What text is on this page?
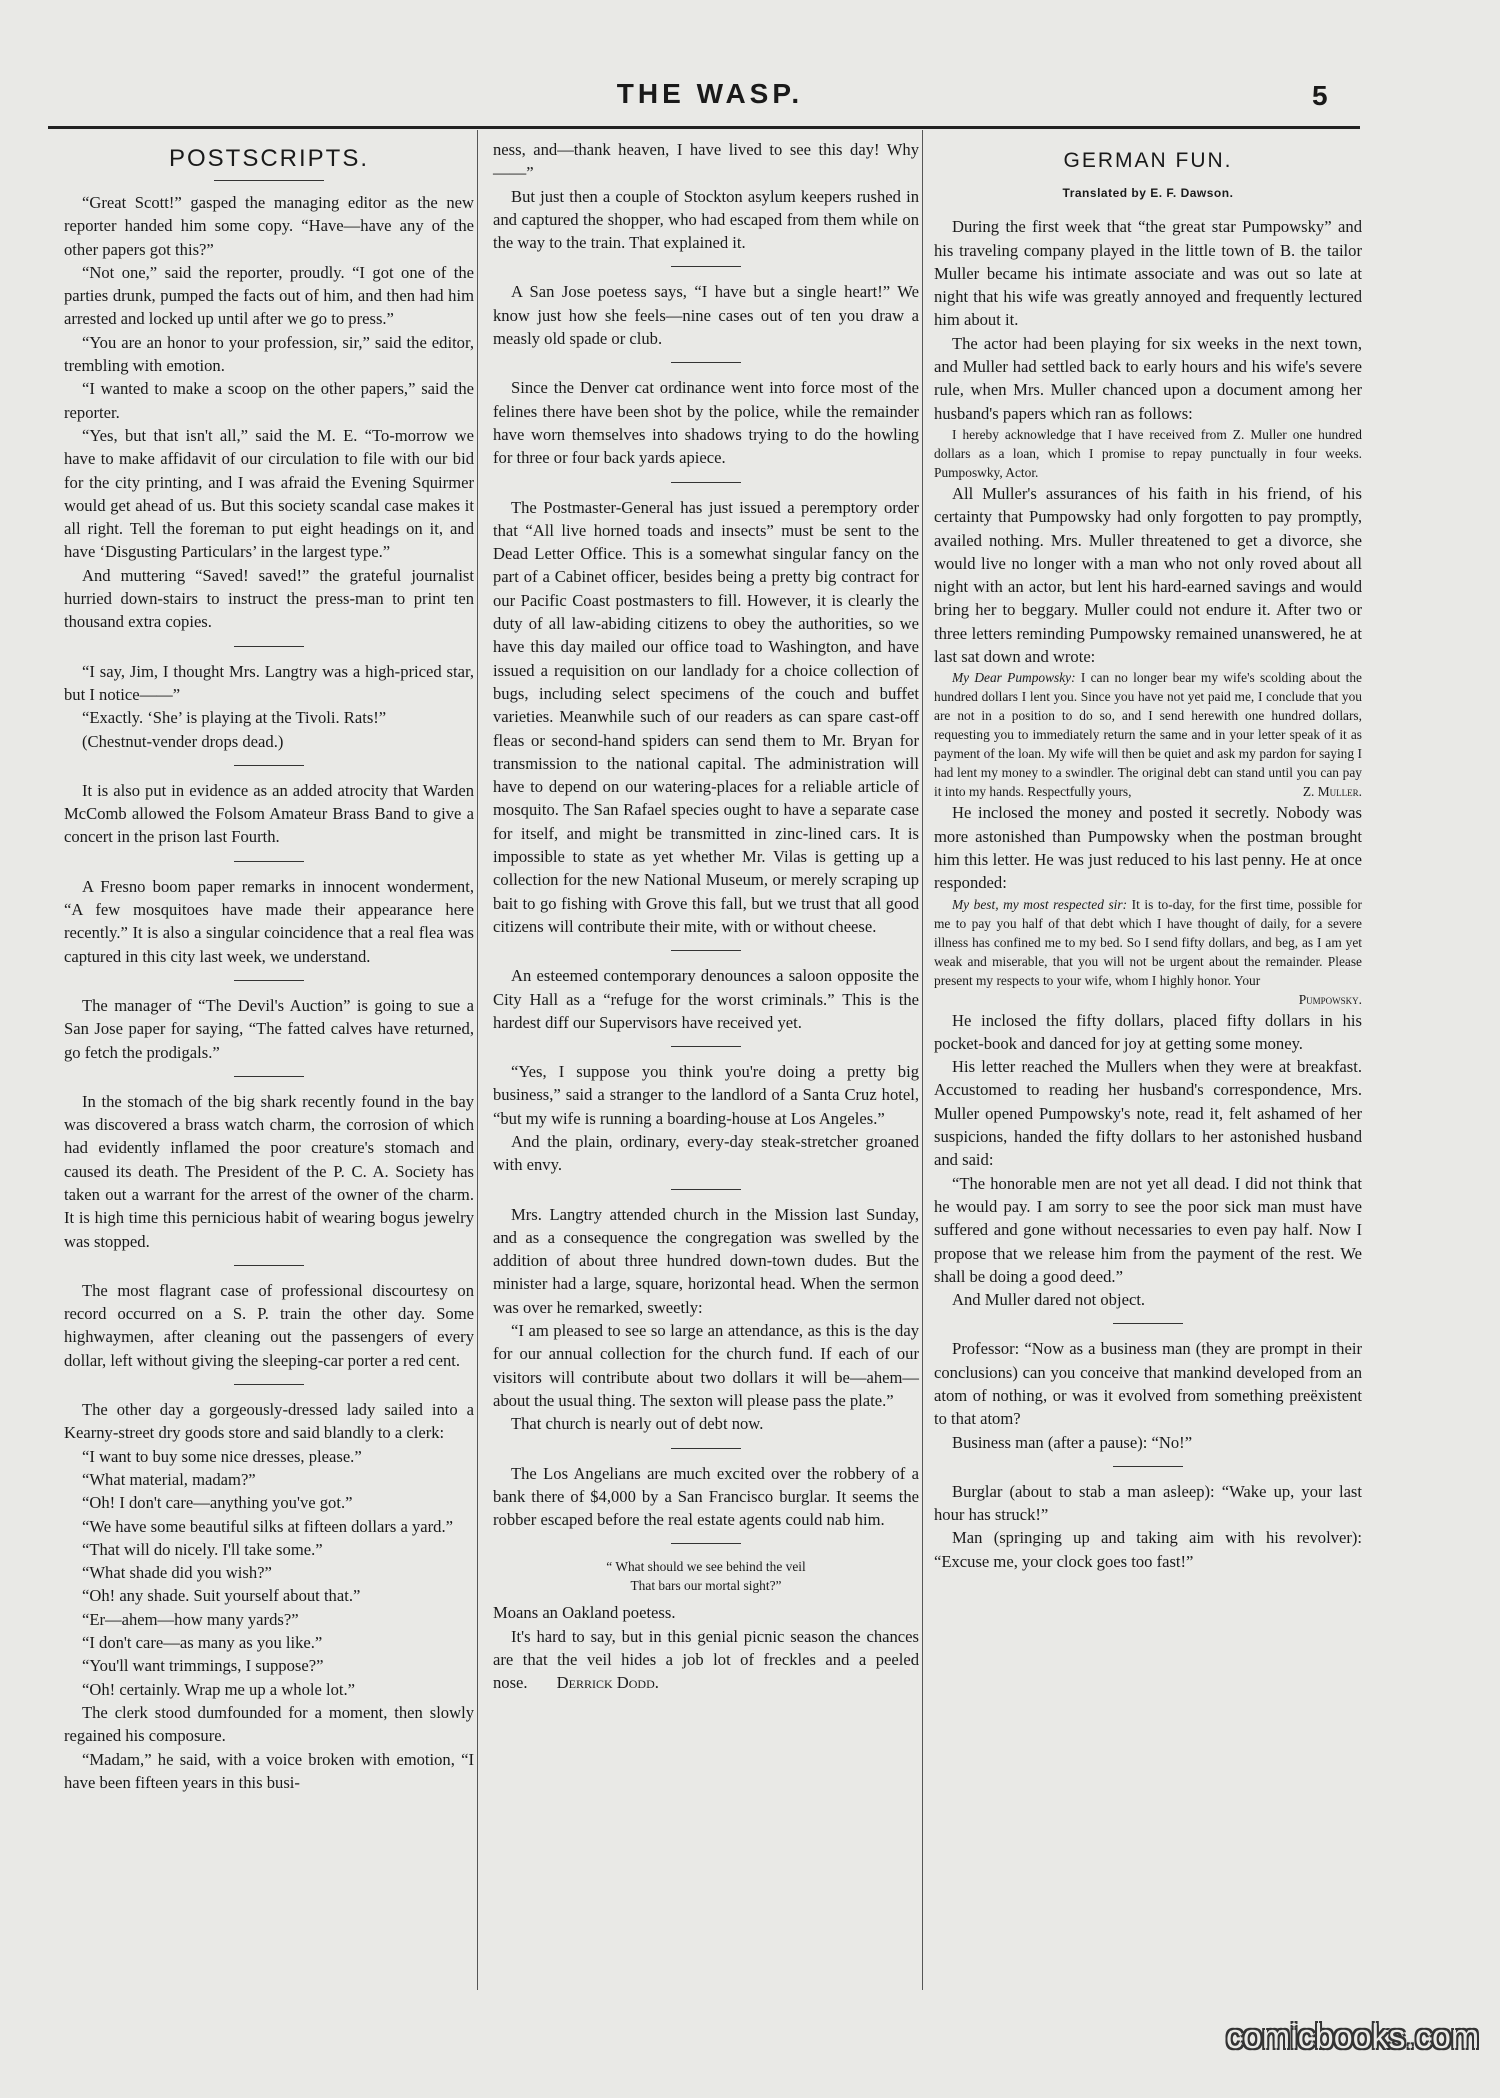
THE WASP.	5
POSTSCRIPTS.

“Great Scott!” gasped the managing editor as the new reporter handed him some copy. “Have—have any of the other papers got this?”

“Not one,” said the reporter, proudly. “I got one of the parties drunk, pumped the facts out of him, and then had him arrested and locked up until after we go to press.”

“You are an honor to your profession, sir,” said the editor, trembling with emotion.

“I wanted to make a scoop on the other papers,” said the reporter.

“Yes, but that isn't all,” said the M. E. “To-morrow we have to make affidavit of our circulation to file with our bid for the city printing, and I was afraid the Evening Squirmer would get ahead of us. But this society scandal case makes it all right. Tell the foreman to put eight headings on it, and have ‘Disgusting Particulars’ in the largest type.”

And muttering “Saved! saved!” the grateful journalist hurried down-stairs to instruct the press-man to print ten thousand extra copies.

“I say, Jim, I thought Mrs. Langtry was a high-priced star, but I notice——”

“Exactly. ‘She’ is playing at the Tivoli. Rats!”

(Chestnut-vender drops dead.)

It is also put in evidence as an added atrocity that Warden McComb allowed the Folsom Amateur Brass Band to give a concert in the prison last Fourth.

A Fresno boom paper remarks in innocent wonderment, “A few mosquitoes have made their appearance here recently.” It is also a singular coincidence that a real flea was captured in this city last week, we understand.

The manager of “The Devil's Auction” is going to sue a San Jose paper for saying, “The fatted calves have returned, go fetch the prodigals.”

In the stomach of the big shark recently found in the bay was discovered a brass watch charm, the corrosion of which had evidently inflamed the poor creature's stomach and caused its death. The President of the P. C. A. Society has taken out a warrant for the arrest of the owner of the charm. It is high time this pernicious habit of wearing bogus jewelry was stopped.

The most flagrant case of professional discourtesy on record occurred on a S. P. train the other day. Some highwaymen, after cleaning out the passengers of every dollar, left without giving the sleeping-car porter a red cent.

The other day a gorgeously-dressed lady sailed into a Kearny-street dry goods store and said blandly to a clerk:

“I want to buy some nice dresses, please.”

“What material, madam?”

“Oh! I don't care—anything you've got.”

“We have some beautiful silks at fifteen dollars a yard.”

“That will do nicely. I'll take some.”

“What shade did you wish?”

“Oh! any shade. Suit yourself about that.”

“Er—ahem—how many yards?”

“I don't care—as many as you like.”

“You'll want trimmings, I suppose?”

“Oh! certainly. Wrap me up a whole lot.”

The clerk stood dumfounded for a moment, then slowly regained his composure.

“Madam,” he said, with a voice broken with emotion, “I have been fifteen years in this busi-

ness, and—thank heaven, I have lived to see this day! Why——”

But just then a couple of Stockton asylum keepers rushed in and captured the shopper, who had escaped from them while on the way to the train. That explained it.

A San Jose poetess says, “I have but a single heart!” We know just how she feels—nine cases out of ten you draw a measly old spade or club.

Since the Denver cat ordinance went into force most of the felines there have been shot by the police, while the remainder have worn themselves into shadows trying to do the howling for three or four back yards apiece.

The Postmaster-General has just issued a peremptory order that “All live horned toads and insects” must be sent to the Dead Letter Office. This is a somewhat singular fancy on the part of a Cabinet officer, besides being a pretty big contract for our Pacific Coast postmasters to fill. However, it is clearly the duty of all law-abiding citizens to obey the authorities, so we have this day mailed our office toad to Washington, and have issued a requisition on our landlady for a choice collection of bugs, including select specimens of the couch and buffet varieties. Meanwhile such of our readers as can spare cast-off fleas or second-hand spiders can send them to Mr. Bryan for transmission to the national capital. The administration will have to depend on our watering-places for a reliable article of mosquito. The San Rafael species ought to have a separate case for itself, and might be transmitted in zinc-lined cars. It is impossible to state as yet whether Mr. Vilas is getting up a collection for the new National Museum, or merely scraping up bait to go fishing with Grove this fall, but we trust that all good citizens will contribute their mite, with or without cheese.

An esteemed contemporary denounces a saloon opposite the City Hall as a “refuge for the worst criminals.” This is the hardest diff our Supervisors have received yet.

“Yes, I suppose you think you're doing a pretty big business,” said a stranger to the landlord of a Santa Cruz hotel, “but my wife is running a boarding-house at Los Angeles.”

And the plain, ordinary, every-day steak-stretcher groaned with envy.

Mrs. Langtry attended church in the Mission last Sunday, and as a consequence the congregation was swelled by the addition of about three hundred down-town dudes. But the minister had a large, square, horizontal head. When the sermon was over he remarked, sweetly:

“I am pleased to see so large an attendance, as this is the day for our annual collection for the church fund. If each of our visitors will contribute about two dollars it will be—ahem—about the usual thing. The sexton will please pass the plate.”

That church is nearly out of debt now.

The Los Angelians are much excited over the robbery of a bank there of $4,000 by a San Francisco burglar. It seems the robber escaped before the real estate agents could nab him.

“ What should we see behind the veil
That bars our mortal sight?”

Moans an Oakland poetess.

It's hard to say, but in this genial picnic season the chances are that the veil hides a job lot of freckles and a peeled nose. Derrick Dodd.

GERMAN FUN.
Translated by E. F. Dawson.

During the first week that “the great star Pumpowsky” and his traveling company played in the little town of B. the tailor Muller became his intimate associate and was out so late at night that his wife was greatly annoyed and frequently lectured him about it.

The actor had been playing for six weeks in the next town, and Muller had settled back to early hours and his wife's severe rule, when Mrs. Muller chanced upon a document among her husband's papers which ran as follows:

I hereby acknowledge that I have received from Z. Muller one hundred dollars as a loan, which I promise to repay punctually in four weeks. Pumposwky, Actor.

All Muller's assurances of his faith in his friend, of his certainty that Pumpowsky had only forgotten to pay promptly, availed nothing. Mrs. Muller threatened to get a divorce, she would live no longer with a man who not only roved about all night with an actor, but lent his hard-earned savings and would bring her to beggary. Muller could not endure it. After two or three letters reminding Pumpowsky remained unanswered, he at last sat down and wrote:

My Dear Pumpowsky: I can no longer bear my wife's scolding about the hundred dollars I lent you. Since you have not yet paid me, I conclude that you are not in a position to do so, and I send herewith one hundred dollars, requesting you to immediately return the same and in your letter speak of it as payment of the loan. My wife will then be quiet and ask my pardon for saying I had lent my money to a swindler. The original debt can stand until you can pay it into my hands. Respectfully yours,	Z. Muller.

He inclosed the money and posted it secretly. Nobody was more astonished than Pumpowsky when the postman brought him this letter. He was just reduced to his last penny. He at once responded:

My best, my most respected sir: It is to-day, for the first time, possible for me to pay you half of that debt which I have thought of daily, for a severe illness has confined me to my bed. So I send fifty dollars, and beg, as I am yet weak and miserable, that you will not be urgent about the remainder. Please present my respects to your wife, whom I highly honor. Your

Pumpowsky.

He inclosed the fifty dollars, placed fifty dollars in his pocket-book and danced for joy at getting some money.

His letter reached the Mullers when they were at breakfast. Accustomed to reading her husband's correspondence, Mrs. Muller opened Pumpowsky's note, read it, felt ashamed of her suspicions, handed the fifty dollars to her astonished husband and said:

“The honorable men are not yet all dead. I did not think that he would pay. I am sorry to see the poor sick man must have suffered and gone without necessaries to even pay half. Now I propose that we release him from the payment of the rest. We shall be doing a good deed.”

And Muller dared not object.

Professor: “Now as a business man (they are prompt in their conclusions) can you conceive that mankind developed from an atom of nothing, or was it evolved from something preëxistent to that atom?

Business man (after a pause): “No!”

Burglar (about to stab a man asleep): “Wake up, your last hour has struck!”

Man (springing up and taking aim with his revolver): “Excuse me, your clock goes too fast!”

comicbooks.com
